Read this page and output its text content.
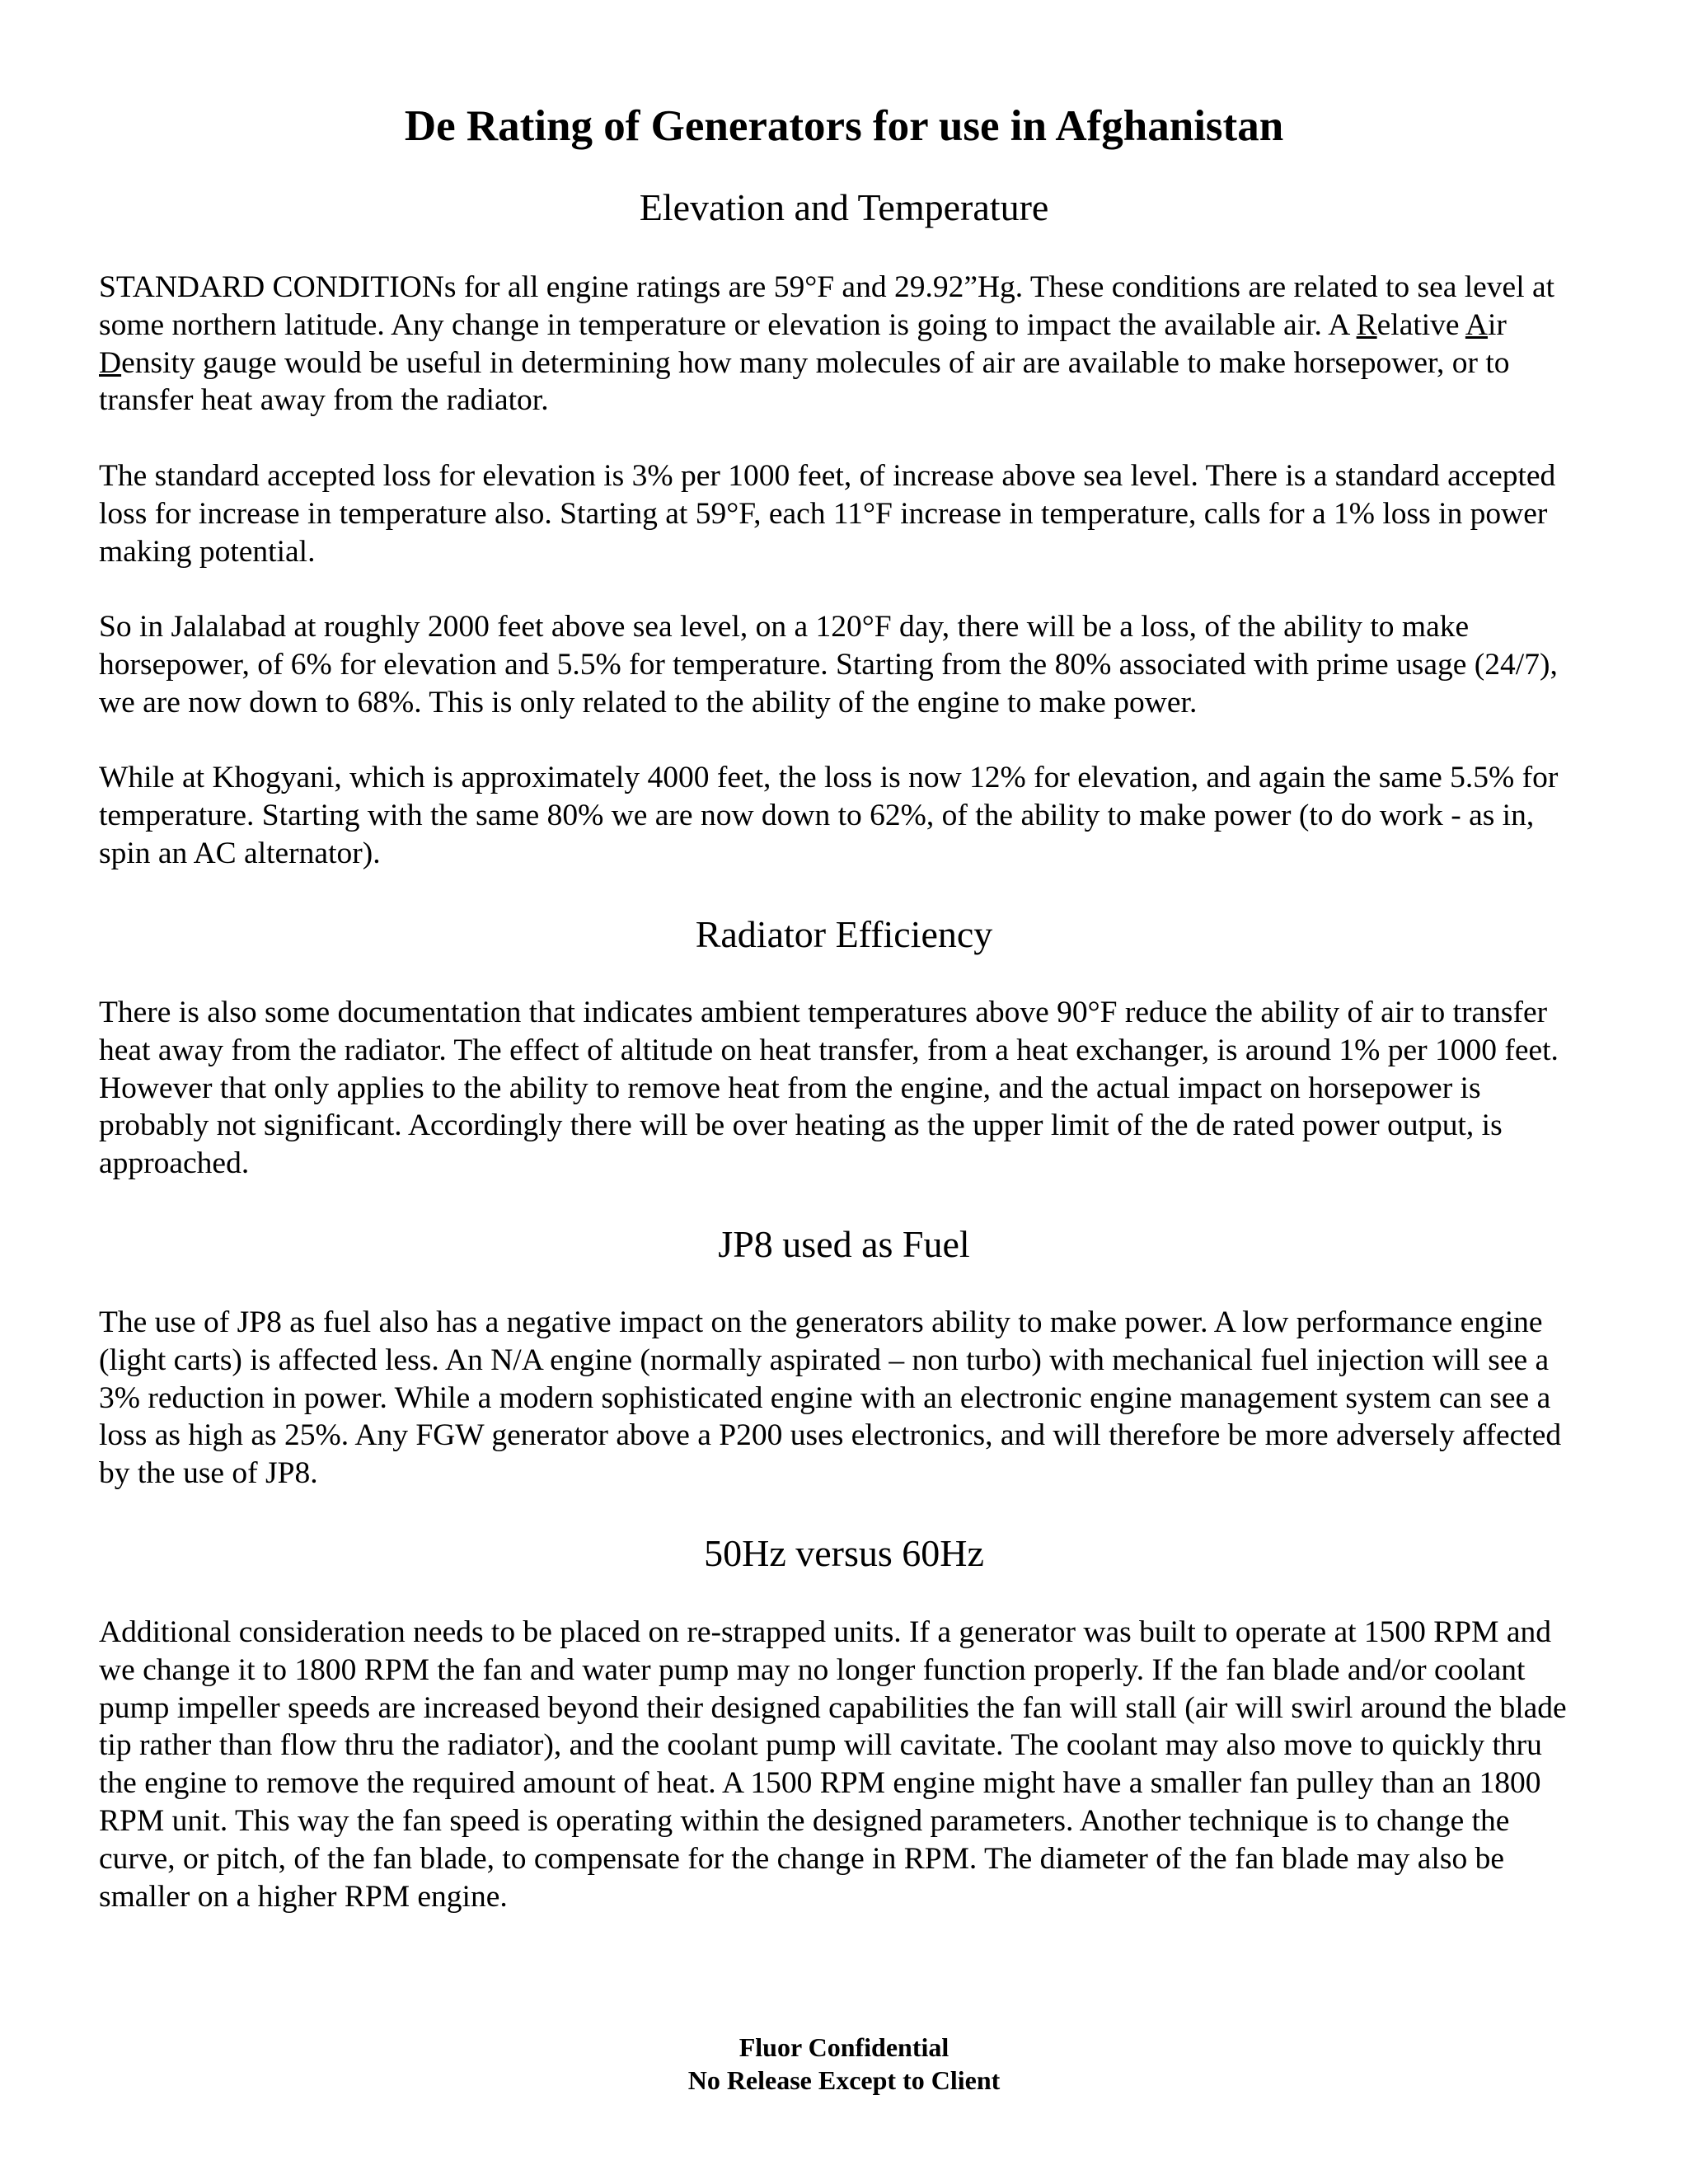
De Rating of Generators for use in Afghanistan
Elevation and Temperature

STANDARD CONDITIONs for all engine ratings are 59°F and 29.92”Hg. These conditions are related to sea level at some northern latitude. Any change in temperature or elevation is going to impact the available air. A Relative Air Density gauge would be useful in determining how many molecules of air are available to make horsepower, or to transfer heat away from the radiator.

The standard accepted loss for elevation is 3% per 1000 feet, of increase above sea level. There is a standard accepted loss for increase in temperature also. Starting at 59°F, each 11°F increase in temperature, calls for a 1% loss in power making potential.

So in Jalalabad at roughly 2000 feet above sea level, on a 120°F day, there will be a loss, of the ability to make horsepower, of 6% for elevation and 5.5% for temperature. Starting from the 80% associated with prime usage (24/7), we are now down to 68%. This is only related to the ability of the engine to make power.

While at Khogyani, which is approximately 4000 feet, the loss is now 12% for elevation, and again the same 5.5% for temperature. Starting with the same 80% we are now down to 62%, of the ability to make power (to do work - as in, spin an AC alternator).

Radiator Efficiency

There is also some documentation that indicates ambient temperatures above 90°F reduce the ability of air to transfer heat away from the radiator. The effect of altitude on heat transfer, from a heat exchanger, is around 1% per 1000 feet. However that only applies to the ability to remove heat from the engine, and the actual impact on horsepower is probably not significant. Accordingly there will be over heating as the upper limit of the de rated power output, is approached.

JP8 used as Fuel

The use of JP8 as fuel also has a negative impact on the generators ability to make power. A low performance engine (light carts) is affected less. An N/A engine (normally aspirated – non turbo) with mechanical fuel injection will see a 3% reduction in power. While a modern sophisticated engine with an electronic engine management system can see a loss as high as 25%. Any FGW generator above a P200 uses electronics, and will therefore be more adversely affected by the use of JP8.

50Hz versus 60Hz

Additional consideration needs to be placed on re-strapped units. If a generator was built to operate at 1500 RPM and we change it to 1800 RPM the fan and water pump may no longer function properly. If the fan blade and/or coolant pump impeller speeds are increased beyond their designed capabilities the fan will stall (air will swirl around the blade tip rather than flow thru the radiator), and the coolant pump will cavitate. The coolant may also move to quickly thru the engine to remove the required amount of heat. A 1500 RPM engine might have a smaller fan pulley than an 1800 RPM unit. This way the fan speed is operating within the designed parameters. Another technique is to change the curve, or pitch, of the fan blade, to compensate for the change in RPM. The diameter of the fan blade may also be smaller on a higher RPM engine.

Fluor Confidential
No Release Except to Client
